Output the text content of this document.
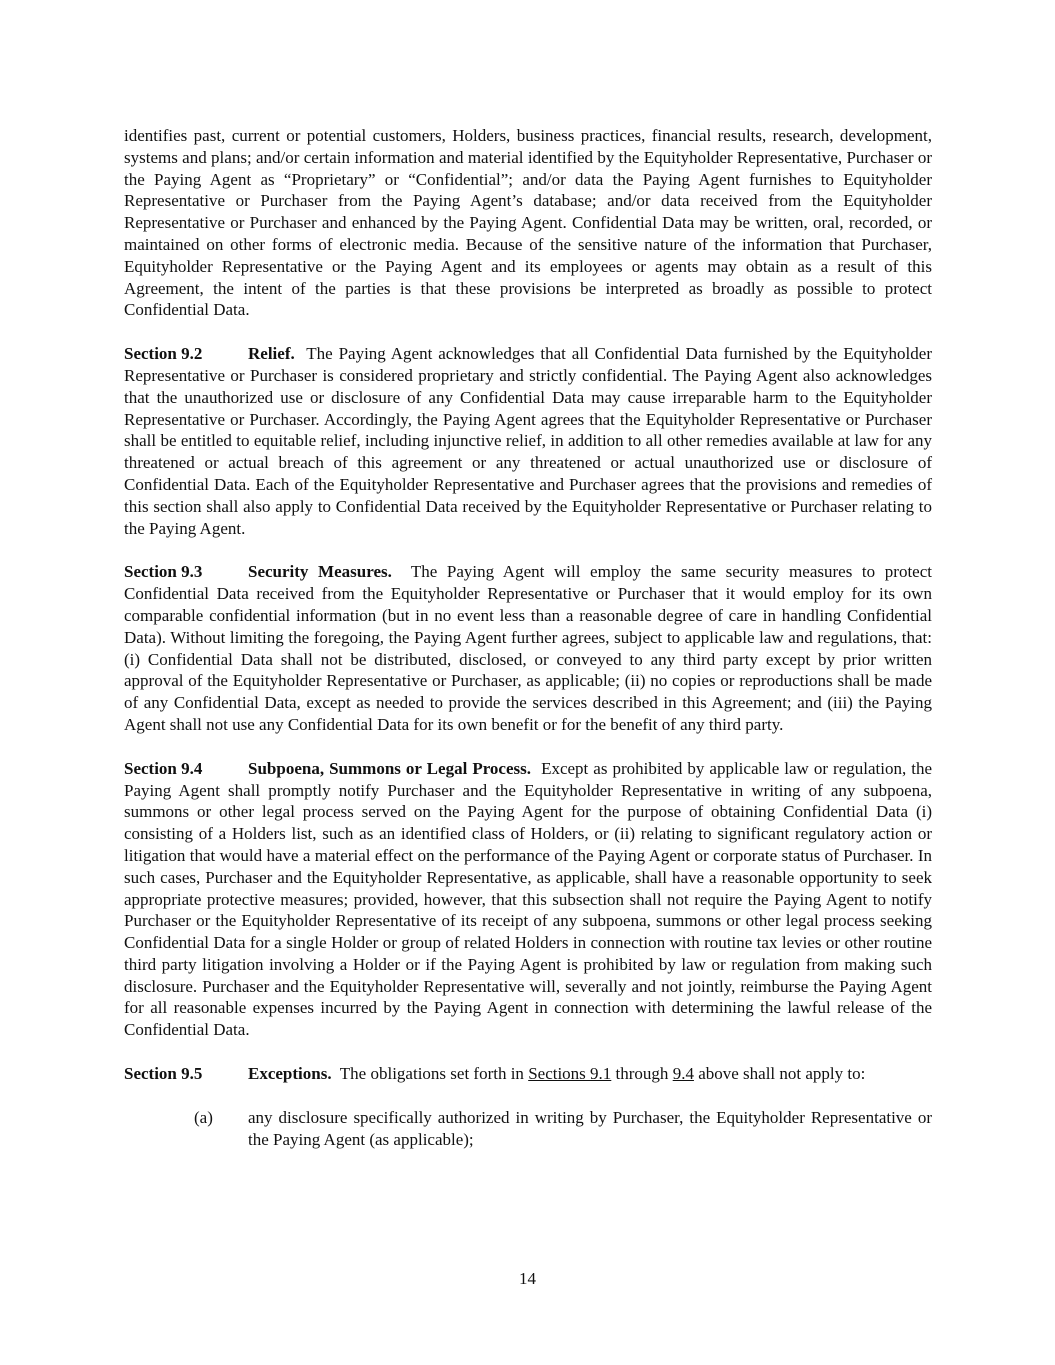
identifies past, current or potential customers, Holders, business practices, financial results, research, development, systems and plans; and/or certain information and material identified by the Equityholder Representative, Purchaser or the Paying Agent as “Proprietary” or “Confidential”; and/or data the Paying Agent furnishes to Equityholder Representative or Purchaser from the Paying Agent’s database; and/or data received from the Equityholder Representative or Purchaser and enhanced by the Paying Agent. Confidential Data may be written, oral, recorded, or maintained on other forms of electronic media. Because of the sensitive nature of the information that Purchaser, Equityholder Representative or the Paying Agent and its employees or agents may obtain as a result of this Agreement, the intent of the parties is that these provisions be interpreted as broadly as possible to protect Confidential Data.

Section 9.2	Relief. The Paying Agent acknowledges that all Confidential Data furnished by the Equityholder Representative or Purchaser is considered proprietary and strictly confidential. The Paying Agent also acknowledges that the unauthorized use or disclosure of any Confidential Data may cause irreparable harm to the Equityholder Representative or Purchaser. Accordingly, the Paying Agent agrees that the Equityholder Representative or Purchaser shall be entitled to equitable relief, including injunctive relief, in addition to all other remedies available at law for any threatened or actual breach of this agreement or any threatened or actual unauthorized use or disclosure of Confidential Data. Each of the Equityholder Representative and Purchaser agrees that the provisions and remedies of this section shall also apply to Confidential Data received by the Equityholder Representative or Purchaser relating to the Paying Agent.

Section 9.3	Security Measures. The Paying Agent will employ the same security measures to protect Confidential Data received from the Equityholder Representative or Purchaser that it would employ for its own comparable confidential information (but in no event less than a reasonable degree of care in handling Confidential Data). Without limiting the foregoing, the Paying Agent further agrees, subject to applicable law and regulations, that: (i) Confidential Data shall not be distributed, disclosed, or conveyed to any third party except by prior written approval of the Equityholder Representative or Purchaser, as applicable; (ii) no copies or reproductions shall be made of any Confidential Data, except as needed to provide the services described in this Agreement; and (iii) the Paying Agent shall not use any Confidential Data for its own benefit or for the benefit of any third party.

Section 9.4	Subpoena, Summons or Legal Process. Except as prohibited by applicable law or regulation, the Paying Agent shall promptly notify Purchaser and the Equityholder Representative in writing of any subpoena, summons or other legal process served on the Paying Agent for the purpose of obtaining Confidential Data (i) consisting of a Holders list, such as an identified class of Holders, or (ii) relating to significant regulatory action or litigation that would have a material effect on the performance of the Paying Agent or corporate status of Purchaser. In such cases, Purchaser and the Equityholder Representative, as applicable, shall have a reasonable opportunity to seek appropriate protective measures; provided, however, that this subsection shall not require the Paying Agent to notify Purchaser or the Equityholder Representative of its receipt of any subpoena, summons or other legal process seeking Confidential Data for a single Holder or group of related Holders in connection with routine tax levies or other routine third party litigation involving a Holder or if the Paying Agent is prohibited by law or regulation from making such disclosure. Purchaser and the Equityholder Representative will, severally and not jointly, reimburse the Paying Agent for all reasonable expenses incurred by the Paying Agent in connection with determining the lawful release of the Confidential Data.

Section 9.5	Exceptions. The obligations set forth in Sections 9.1 through 9.4 above shall not apply to:

(a)	any disclosure specifically authorized in writing by Purchaser, the Equityholder Representative or the Paying Agent (as applicable);
14
